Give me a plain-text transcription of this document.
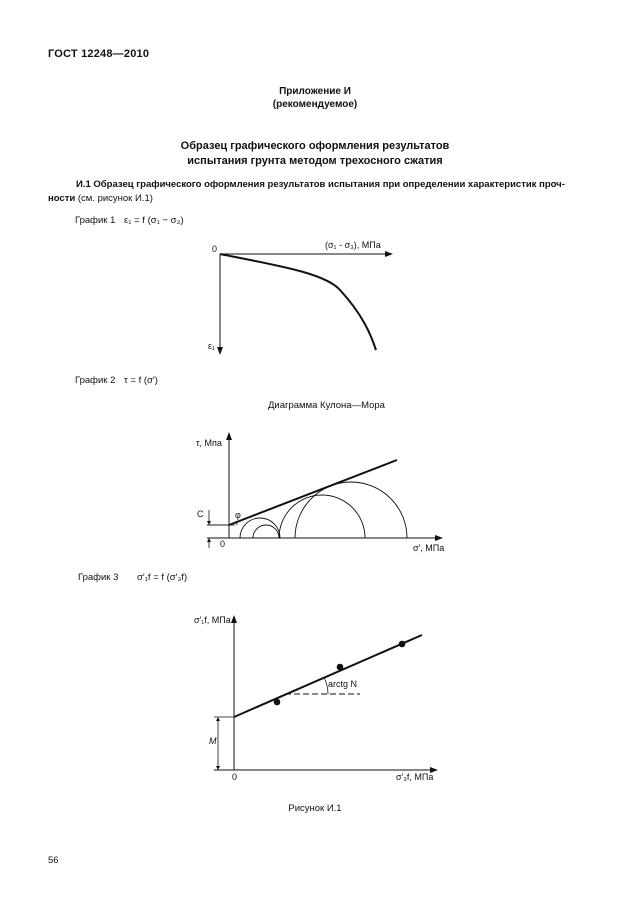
ГОСТ 12248—2010
Приложение И
(рекомендуемое)
Образец графического оформления результатов
испытания грунта методом трехосного сжатия
И.1 Образец графического оформления результатов испытания при определении характеристик проч-
ности (см. рисунок И.1)
График 1 ε₁ = f (σ₁ − σ₃)
0	(σ₁ - σ₃), МПа
ε₁
График 2 τ = f (σ′)
Диаграмма Кулона—Мора
τ, Мпа
σ′, МПа
0
C	φ
График 3 σ′₁f = f (σ′₃f)
σ′₁f, МПа
σ′₃f, МПа
0
M
arctg N
Рисунок И.1
56
